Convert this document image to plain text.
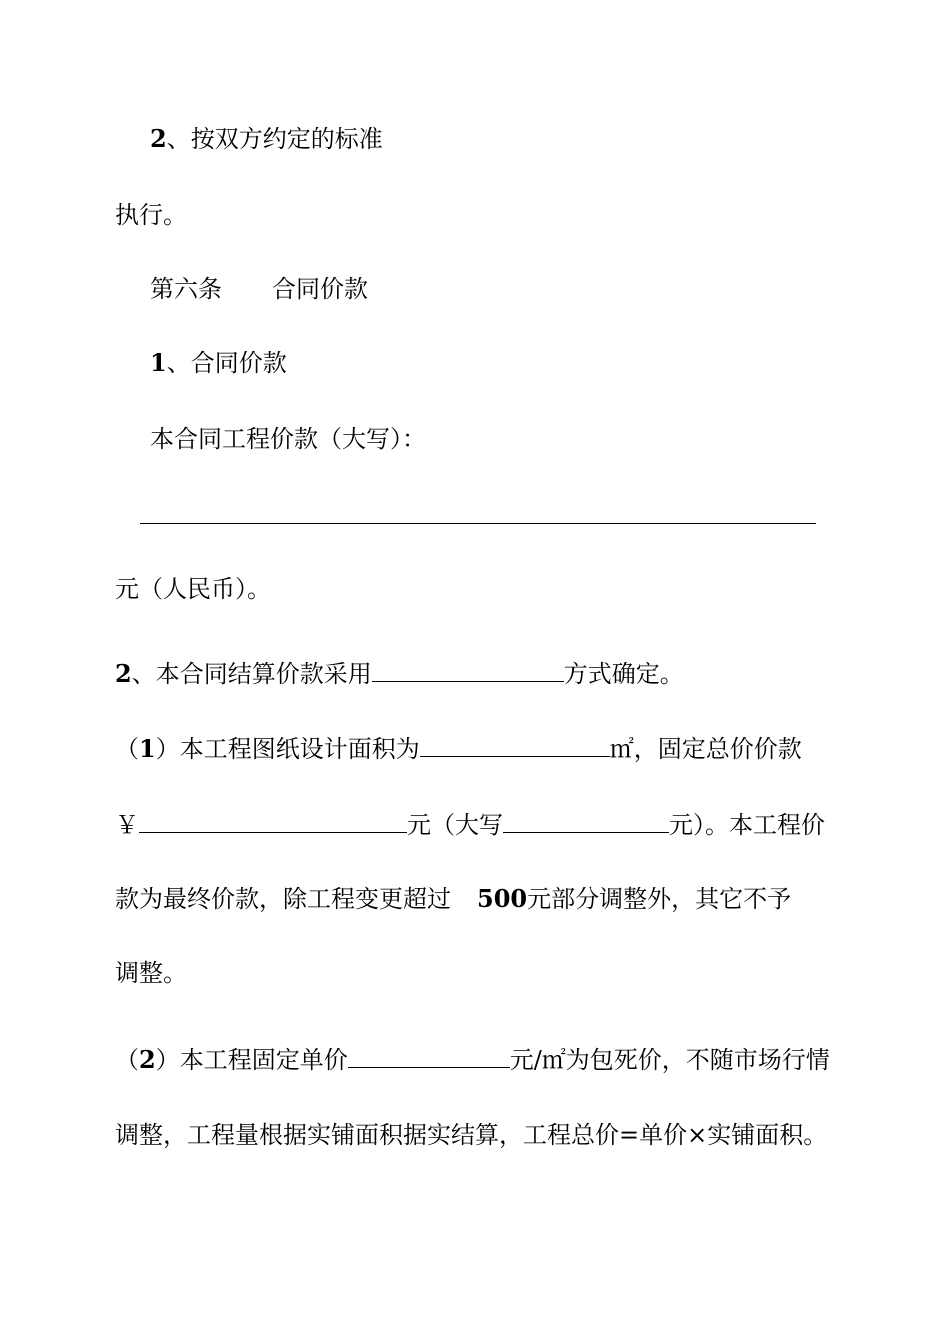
2、按双方约定的标准
执行。
第六条 合同价款
1、合同价款
本合同工程价款（大写）：
元（人民币）。
2、本合同结算价款采用	方式确定。
（1）本工程图纸设计面积为	㎡，固定总价价款
￥	元（大写	元）。本工程价
款为最终价款，除工程变更超过 500元部分调整外，其它不予
调整。
（2）本工程固定单价	元/㎡为包死价，不随市场行情
调整，工程量根据实铺面积据实结算，工程总价=单价×实铺面积。
